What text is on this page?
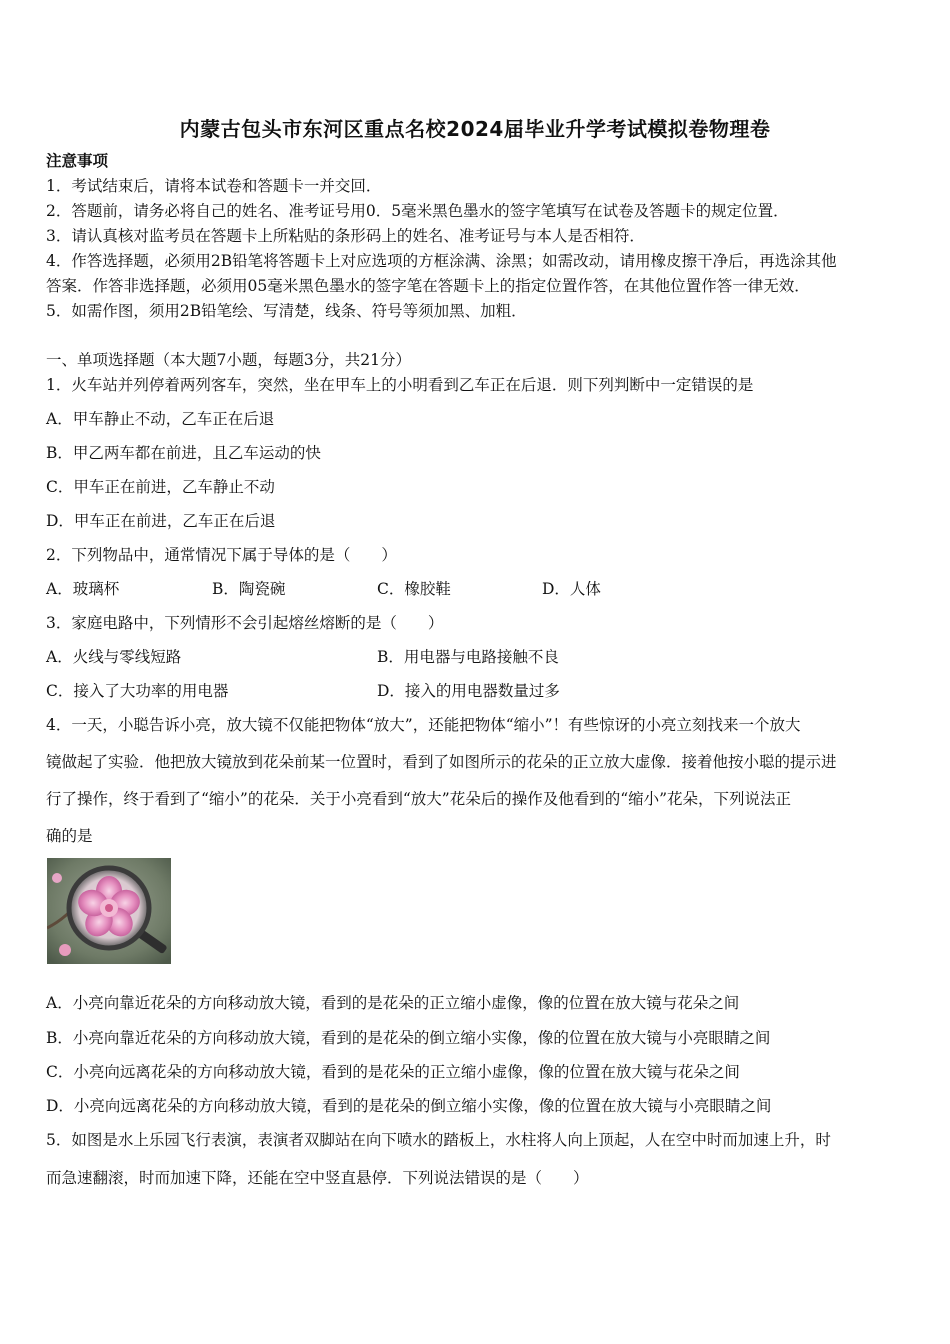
内蒙古包头市东河区重点名校2024届毕业升学考试模拟卷物理卷
注意事项
1．考试结束后，请将本试卷和答题卡一并交回．
2．答题前，请务必将自己的姓名、准考证号用0．5毫米黑色墨水的签字笔填写在试卷及答题卡的规定位置．
3．请认真核对监考员在答题卡上所粘贴的条形码上的姓名、准考证号与本人是否相符．
4．作答选择题，必须用2B铅笔将答题卡上对应选项的方框涂满、涂黑；如需改动，请用橡皮擦干净后，再选涂其他
答案．作答非选择题，必须用05毫米黑色墨水的签字笔在答题卡上的指定位置作答，在其他位置作答一律无效．
5．如需作图，须用2B铅笔绘、写清楚，线条、符号等须加黑、加粗．
一、单项选择题（本大题7小题，每题3分，共21分）
1．火车站并列停着两列客车，突然，坐在甲车上的小明看到乙车正在后退．则下列判断中一定错误的是
A．甲车静止不动，乙车正在后退
B．甲乙两车都在前进，且乙车运动的快
C．甲车正在前进，乙车静止不动
D．甲车正在前进，乙车正在后退
2．下列物品中，通常情况下属于导体的是（　　）
A．玻璃杯	B．陶瓷碗	C．橡胶鞋	D．人体
3．家庭电路中，下列情形不会引起熔丝熔断的是（　　）
A．火线与零线短路	B．用电器与电路接触不良
C．接入了大功率的用电器	D．接入的用电器数量过多
4．一天，小聪告诉小亮，放大镜不仅能把物体“放大”，还能把物体“缩小”！有些惊讶的小亮立刻找来一个放大
镜做起了实验．他把放大镜放到花朵前某一位置时，看到了如图所示的花朵的正立放大虚像．接着他按小聪的提示进
行了操作，终于看到了“缩小”的花朵．关于小亮看到“放大”花朵后的操作及他看到的“缩小”花朵，下列说法正
确的是
A．小亮向靠近花朵的方向移动放大镜，看到的是花朵的正立缩小虚像，像的位置在放大镜与花朵之间
B．小亮向靠近花朵的方向移动放大镜，看到的是花朵的倒立缩小实像，像的位置在放大镜与小亮眼睛之间
C．小亮向远离花朵的方向移动放大镜，看到的是花朵的正立缩小虚像，像的位置在放大镜与花朵之间
D．小亮向远离花朵的方向移动放大镜，看到的是花朵的倒立缩小实像，像的位置在放大镜与小亮眼睛之间
5．如图是水上乐园飞行表演，表演者双脚站在向下喷水的踏板上，水柱将人向上顶起，人在空中时而加速上升，时
而急速翻滚，时而加速下降，还能在空中竖直悬停．下列说法错误的是（　　）
